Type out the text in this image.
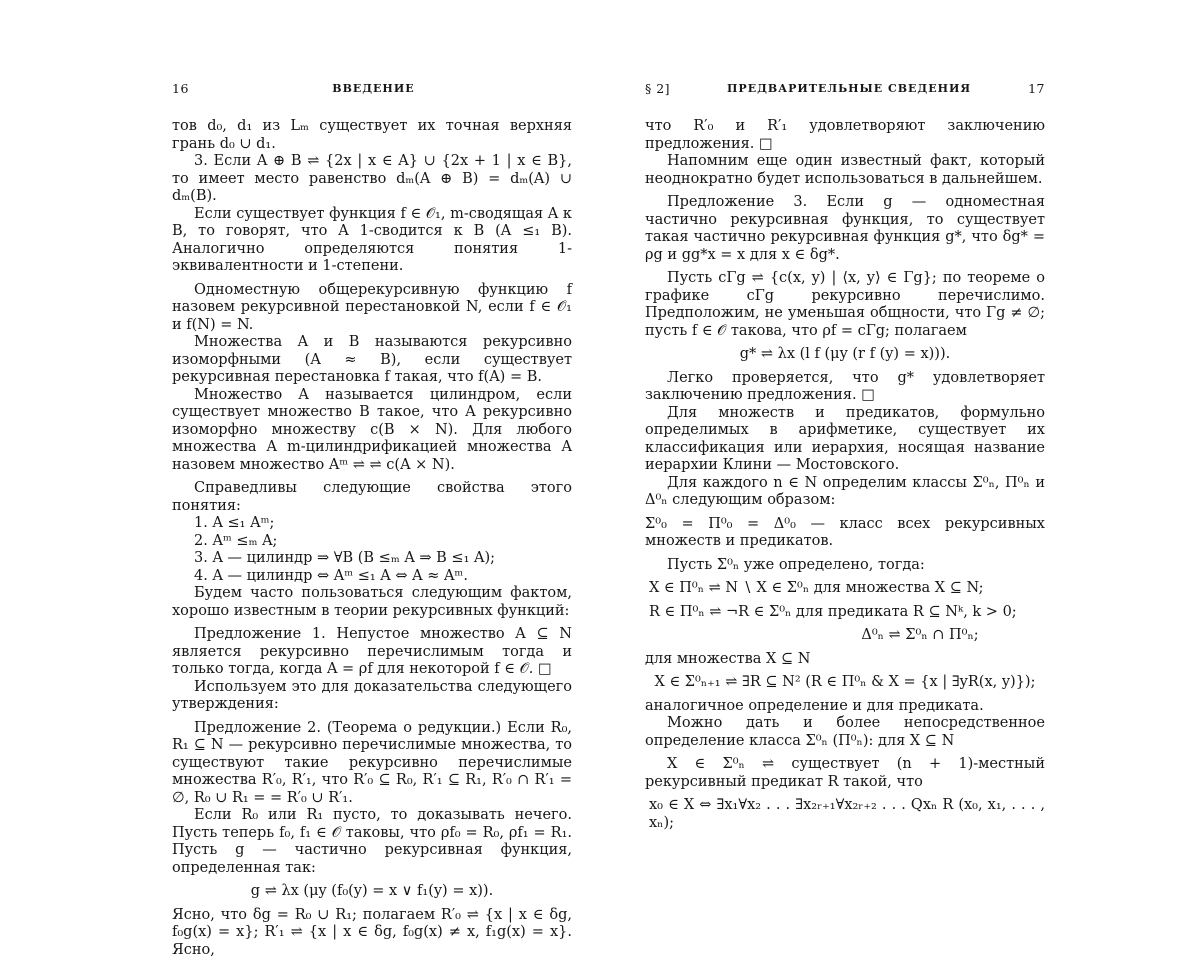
16	ВВЕДЕНИЕ

тов d₀, d₁ из Lₘ существует их точная верхняя грань d₀ ∪ d₁.

3. Если A ⊕ B ⇌ {2x | x ∈ A} ∪ {2x + 1 | x ∈ B}, то имеет место равенство dₘ(A ⊕ B) = dₘ(A) ∪ dₘ(B).

Если существует функция f ∈ 𝒪₁, m-сводящая A к B, то говорят, что A 1-сводится к B (A ≤₁ B). Аналогично определяются понятия 1-эквивалентности и 1-степени.

Одноместную общерекурсивную функцию f назовем рекурсивной перестановкой N, если f ∈ 𝒪₁ и f(N) = N.

Множества A и B называются рекурсивно изоморфными (A ≈ B), если существует рекурсивная перестановка f такая, что f(A) = B.

Множество A называется цилиндром, если существует множество B такое, что A рекурсивно изоморфно множеству c(B × N). Для любого множества A m-цилиндрификацией множества A назовем множество Aᵐ ⇌ ⇌ c(A × N).

Справедливы следующие свойства этого понятия:

1. A ≤₁ Aᵐ;

2. Aᵐ ≤ₘ A;

3. A — цилиндр ⇒ ∀B (B ≤ₘ A ⇒ B ≤₁ A);

4. A — цилиндр ⇔ Aᵐ ≤₁ A ⇔ A ≈ Aᵐ.

Будем часто пользоваться следующим фактом, хорошо известным в теории рекурсивных функций:

Предложение 1. Непустое множество A ⊆ N является рекурсивно перечислимым тогда и только тогда, когда A = ρf для некоторой f ∈ 𝒪. □

Используем это для доказательства следующего утверждения:

Предложение 2. (Теорема о редукции.) Если R₀, R₁ ⊆ N — рекурсивно перечислимые множества, то существуют такие рекурсивно перечислимые множества R′₀, R′₁, что R′₀ ⊆ R₀, R′₁ ⊆ R₁, R′₀ ∩ R′₁ = ∅, R₀ ∪ R₁ = = R′₀ ∪ R′₁.

Если R₀ или R₁ пусто, то доказывать нечего. Пусть теперь f₀, f₁ ∈ 𝒪 таковы, что ρf₀ = R₀, ρf₁ = R₁. Пусть g — частично рекурсивная функция, определенная так:

g ⇌ λx (μy (f₀(y) = x ∨ f₁(y) = x)).

Ясно, что δg = R₀ ∪ R₁; полагаем R′₀ ⇌ {x | x ∈ δg, f₀g(x) = x}; R′₁ ⇌ {x | x ∈ δg, f₀g(x) ≠ x, f₁g(x) = x}. Ясно,

§ 2]	ПРЕДВАРИТЕЛЬНЫЕ СВЕДЕНИЯ	17

что R′₀ и R′₁ удовлетворяют заключению предложения. □

Напомним еще один известный факт, который неоднократно будет использоваться в дальнейшем.

Предложение 3. Если g — одноместная частично рекурсивная функция, то существует такая частично рекурсивная функция g*, что δg* = ρg и gg*x = x для x ∈ δg*.

Пусть cΓg ⇌ {c(x, y) | ⟨x, y⟩ ∈ Γg}; по теореме о графике cΓg рекурсивно перечислимо. Предположим, не уменьшая общности, что Γg ≠ ∅; пусть f ∈ 𝒪 такова, что ρf = cΓg; полагаем

g* ⇌ λx (l f (μy (r f (y) = x))).

Легко проверяется, что g* удовлетворяет заключению предложения. □

Для множеств и предикатов, формульно определимых в арифметике, существует их классификация или иерархия, носящая название иерархии Клини — Мостовского.

Для каждого n ∈ N определим классы Σ⁰ₙ, Π⁰ₙ и Δ⁰ₙ следующим образом:

Σ⁰₀ = Π⁰₀ = Δ⁰₀ — класс всех рекурсивных множеств и предикатов.

Пусть Σ⁰ₙ уже определено, тогда:

X ∈ Π⁰ₙ ⇌ N ∖ X ∈ Σ⁰ₙ для множества X ⊆ N;

R ∈ Π⁰ₙ ⇌ ¬R ∈ Σ⁰ₙ для предиката R ⊆ Nᵏ, k > 0;

Δ⁰ₙ ⇌ Σ⁰ₙ ∩ Π⁰ₙ;

для множества X ⊆ N

X ∈ Σ⁰ₙ₊₁ ⇌ ∃R ⊆ N² (R ∈ Π⁰ₙ & X = {x | ∃yR(x, y)});

аналогичное определение и для предиката.

Можно дать и более непосредственное определение класса Σ⁰ₙ (Π⁰ₙ): для X ⊆ N

X ∈ Σ⁰ₙ ⇌ существует (n + 1)-местный рекурсивный предикат R такой, что

x₀ ∈ X ⇔ ∃x₁∀x₂ . . . ∃x₂ᵣ₊₁∀x₂ᵣ₊₂ . . . Qxₙ R (x₀, x₁, . . . , xₙ);
